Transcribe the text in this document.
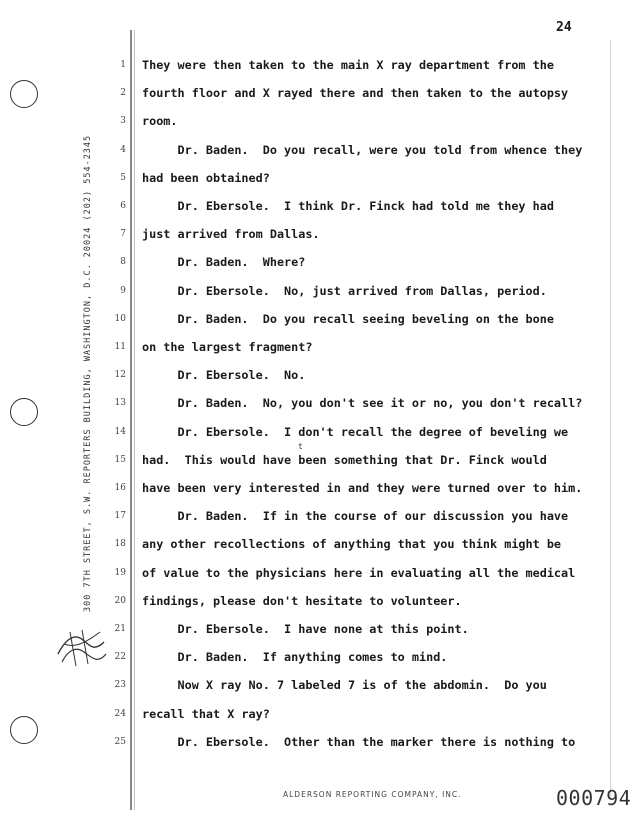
24
300 7TH STREET, S.W. REPORTERS BUILDING, WASHINGTON, D.C. 20024 (202) 554-2345
1 They were then taken to the main X ray department from the
2 fourth floor and X rayed there and then taken to the autopsy
3 room.
4 Dr. Baden.  Do you recall, were you told from whence they
5 had been obtained?
6 Dr. Ebersole.  I think Dr. Finck had told me they had
7 just arrived from Dallas.
8 Dr. Baden.  Where?
9 Dr. Ebersole.  No, just arrived from Dallas, period.
10 Dr. Baden.  Do you recall seeing beveling on the bone
11 on the largest fragment?
12 Dr. Ebersole.  No.
13 Dr. Baden.  No, you don't see it or no, you don't recall?
14 Dr. Ebersole.  I don't recall the degree of beveling we
15 had.  This would have been something that Dr. Finck would
16 have been very interested in and they were turned over to him.
17 Dr. Baden.  If in the course of our discussion you have
18 any other recollections of anything that you think might be
19 of value to the physicians here in evaluating all the medical
20 findings, please don't hesitate to volunteer.
21 Dr. Ebersole.  I have none at this point.
22 Dr. Baden.  If anything comes to mind.
23 Now X ray No. 7 labeled 7 is of the abdomin.  Do you
24 recall that X ray?
25 Dr. Ebersole.  Other than the marker there is nothing to
t
ALDERSON REPORTING COMPANY, INC.	000794
